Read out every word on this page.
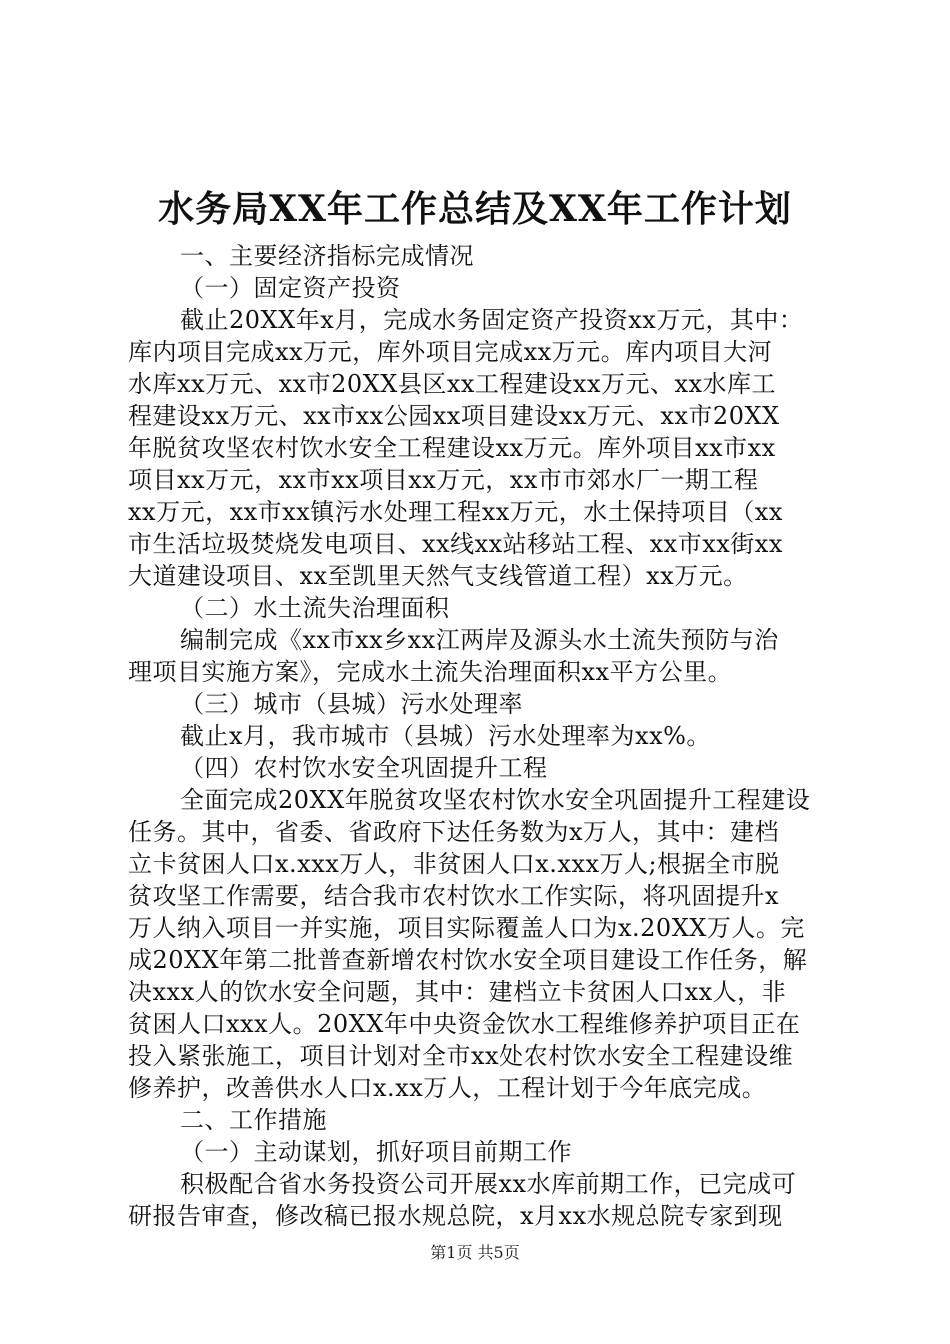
水务局XX年工作总结及XX年工作计划

一、主要经济指标完成情况

（一）固定资产投资

截止20XX年x月，完成水务固定资产投资xx万元，其中：

库内项目完成xx万元，库外项目完成xx万元。库内项目大河

水库xx万元、xx市20XX县区xx工程建设xx万元、xx水库工

程建设xx万元、xx市xx公园xx项目建设xx万元、xx市20XX

年脱贫攻坚农村饮水安全工程建设xx万元。库外项目xx市xx

项目xx万元，xx市xx项目xx万元，xx市市郊水厂一期工程

xx万元，xx市xx镇污水处理工程xx万元，水土保持项目（xx

市生活垃圾焚烧发电项目、xx线xx站移站工程、xx市xx街xx

大道建设项目、xx至凯里天然气支线管道工程）xx万元。

（二）水土流失治理面积

编制完成《xx市xx乡xx江两岸及源头水土流失预防与治

理项目实施方案》，完成水土流失治理面积xx平方公里。

（三）城市（县城）污水处理率

截止x月，我市城市（县城）污水处理率为xx%。

（四）农村饮水安全巩固提升工程

全面完成20XX年脱贫攻坚农村饮水安全巩固提升工程建设

任务。其中，省委、省政府下达任务数为x万人，其中：建档

立卡贫困人口x.xxx万人，非贫困人口x.xxx万人;根据全市脱

贫攻坚工作需要，结合我市农村饮水工作实际，将巩固提升x

万人纳入项目一并实施，项目实际覆盖人口为x.20XX万人。完

成20XX年第二批普查新增农村饮水安全项目建设工作任务，解

决xxx人的饮水安全问题，其中：建档立卡贫困人口xx人，非

贫困人口xxx人。20XX年中央资金饮水工程维修养护项目正在

投入紧张施工，项目计划对全市xx处农村饮水安全工程建设维

修养护，改善供水人口x.xx万人，工程计划于今年底完成。

二、工作措施

（一）主动谋划，抓好项目前期工作

积极配合省水务投资公司开展xx水库前期工作，已完成可

研报告审查，修改稿已报水规总院，x月xx水规总院专家到现

第1页 共5页
